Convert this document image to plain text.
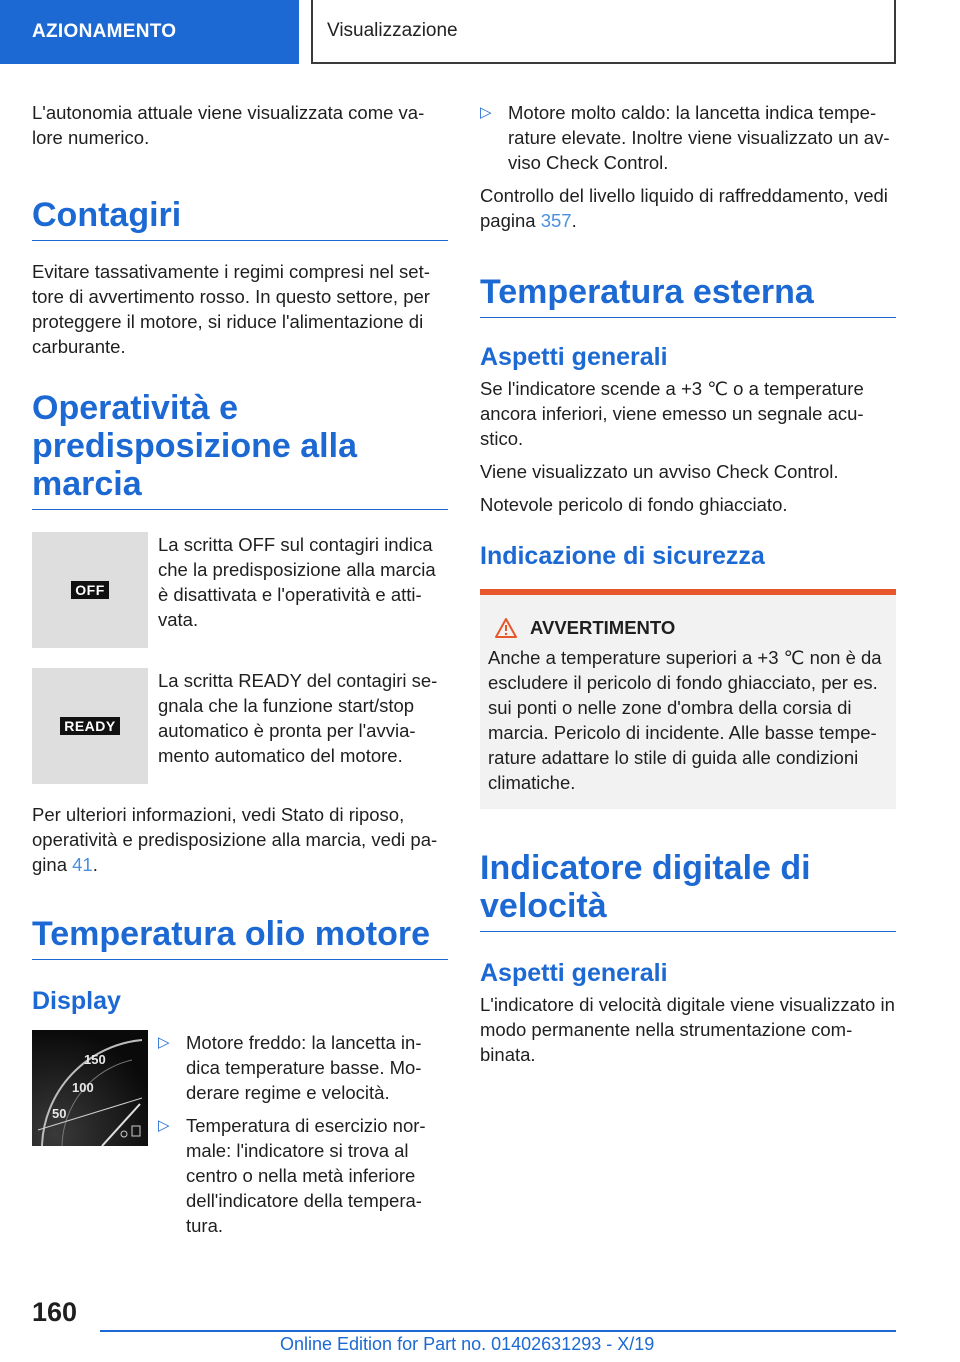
AZIONAMENTO	Visualizzazione

L'autonomia attuale viene visualizzata come va-lore numerico.

Contagiri

Evitare tassativamente i regimi compresi nel set-tore di avvertimento rosso. In questo settore, per proteggere il motore, si riduce l'alimentazione di carburante.

Operatività e predisposizione alla marcia
OFF
La scritta OFF sul contagiri indica che la predisposizione alla marcia è disattivata e l'operatività e atti-vata.
READY
La scritta READY del contagiri se-gnala che la funzione start/stop automatico è pronta per l'avvia-mento automatico del motore.

Per ulteriori informazioni, vedi Stato di riposo, operatività e predisposizione alla marcia, vedi pa-gina 41.

Temperatura olio motore
Display
150
100
50
▷ Motore freddo: la lancetta in-dica temperature basse. Mo-derare regime e velocità.
▷ Temperatura di esercizio nor-male: l'indicatore si trova al centro o nella metà inferiore dell'indicatore della tempera-tura.
▷ Motore molto caldo: la lancetta indica tempe-rature elevate. Inoltre viene visualizzato un av-viso Check Control.

Controllo del livello liquido di raffreddamento, vedi pagina 357.

Temperatura esterna
Aspetti generali

Se l'indicatore scende a +3 ℃ o a temperature ancora inferiori, viene emesso un segnale acu-stico.

Viene visualizzato un avviso Check Control.

Notevole pericolo di fondo ghiacciato.

Indicazione di sicurezza
AVVERTIMENTO

Anche a temperature superiori a +3 ℃ non è da escludere il pericolo di fondo ghiacciato, per es. sui ponti o nelle zone d'ombra della corsia di marcia. Pericolo di incidente. Alle basse tempe-rature adattare lo stile di guida alle condizioni climatiche.

Indicatore digitale di velocità
Aspetti generali

L'indicatore di velocità digitale viene visualizzato in modo permanente nella strumentazione com-binata.

160
Online Edition for Part no. 01402631293 - X/19
